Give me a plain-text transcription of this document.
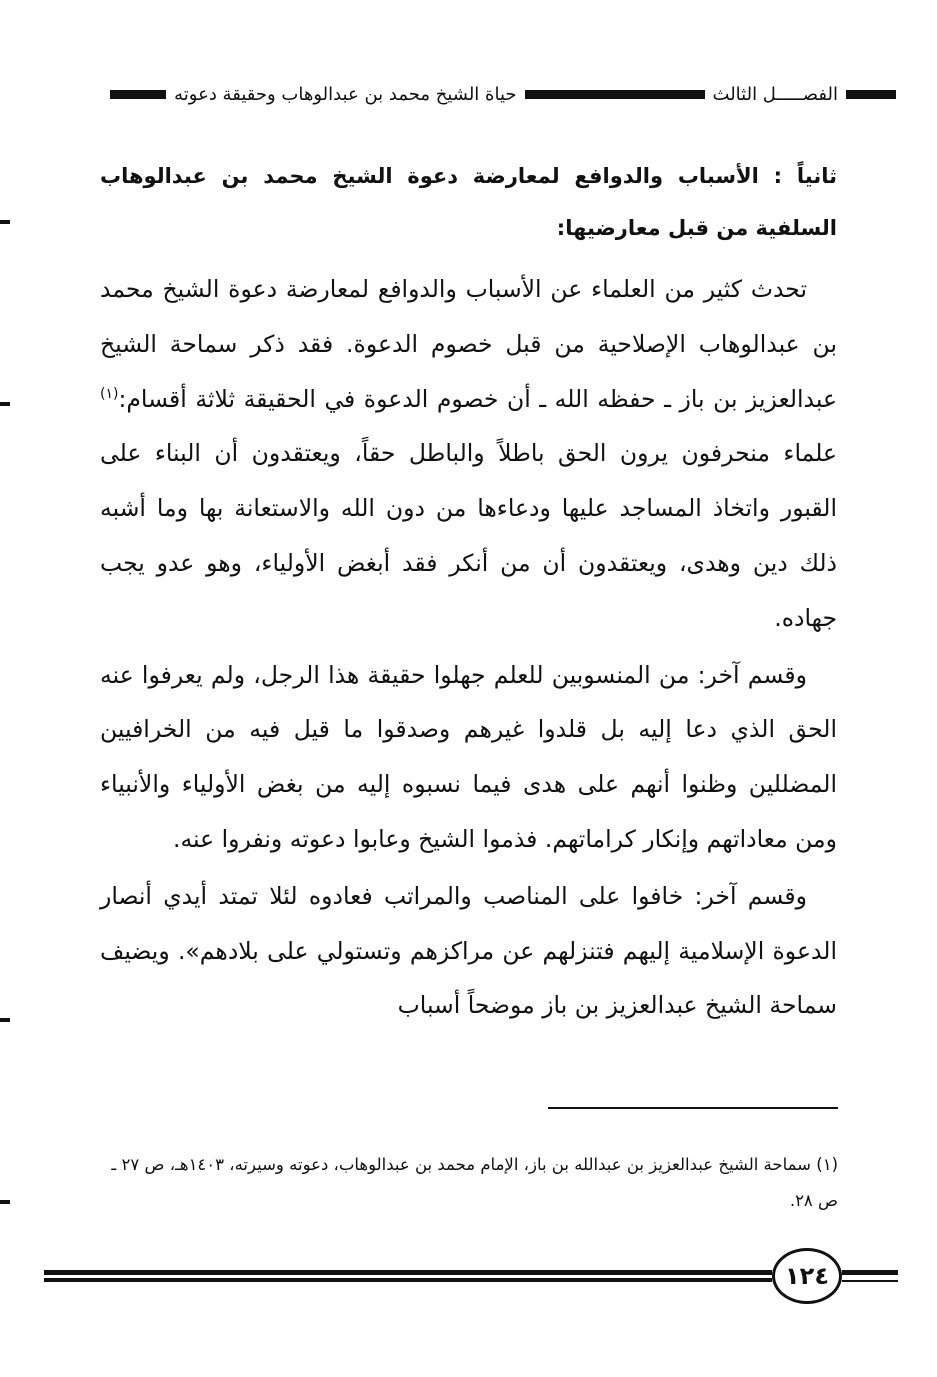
الفصـــــل الثالث
حياة الشيخ محمد بن عبدالوهاب وحقيقة دعوته

ثانياً : الأسباب والدوافع لمعارضة دعوة الشيخ محمد بن عبدالوهاب السلفية من قبل معارضيها:

تحدث كثير من العلماء عن الأسباب والدوافع لمعارضة دعوة الشيخ محمد بن عبدالوهاب الإصلاحية من قبل خصوم الدعوة. فقد ذكر سماحة الشيخ عبدالعزيز بن باز ـ حفظه الله ـ أن خصوم الدعوة في الحقيقة ثلاثة أقسام:$^{(١)}$ علماء منحرفون يرون الحق باطلاً والباطل حقاً، ويعتقدون أن البناء على القبور واتخاذ المساجد عليها ودعاءها من دون الله والاستعانة بها وما أشبه ذلك دين وهدى، ويعتقدون أن من أنكر فقد أبغض الأولياء، وهو عدو يجب جهاده.

وقسم آخر: من المنسوبين للعلم جهلوا حقيقة هذا الرجل، ولم يعرفوا عنه الحق الذي دعا إليه بل قلدوا غيرهم وصدقوا ما قيل فيه من الخرافيين المضللين وظنوا أنهم على هدى فيما نسبوه إليه من بغض الأولياء والأنبياء ومن معاداتهم وإنكار كراماتهم. فذموا الشيخ وعابوا دعوته ونفروا عنه.

وقسم آخر: خافوا على المناصب والمراتب فعادوه لئلا تمتد أيدي أنصار الدعوة الإسلامية إليهم فتنزلهم عن مراكزهم وتستولي على بلادهم». ويضيف سماحة الشيخ عبدالعزيز بن باز موضحاً أسباب

(١) سماحة الشيخ عبدالعزيز بن عبدالله بن باز، الإمام محمد بن عبدالوهاب، دعوته وسيرته، ١٤٠٣هـ، ص ٢٧ ـ ص ٢٨.

١٢٤
